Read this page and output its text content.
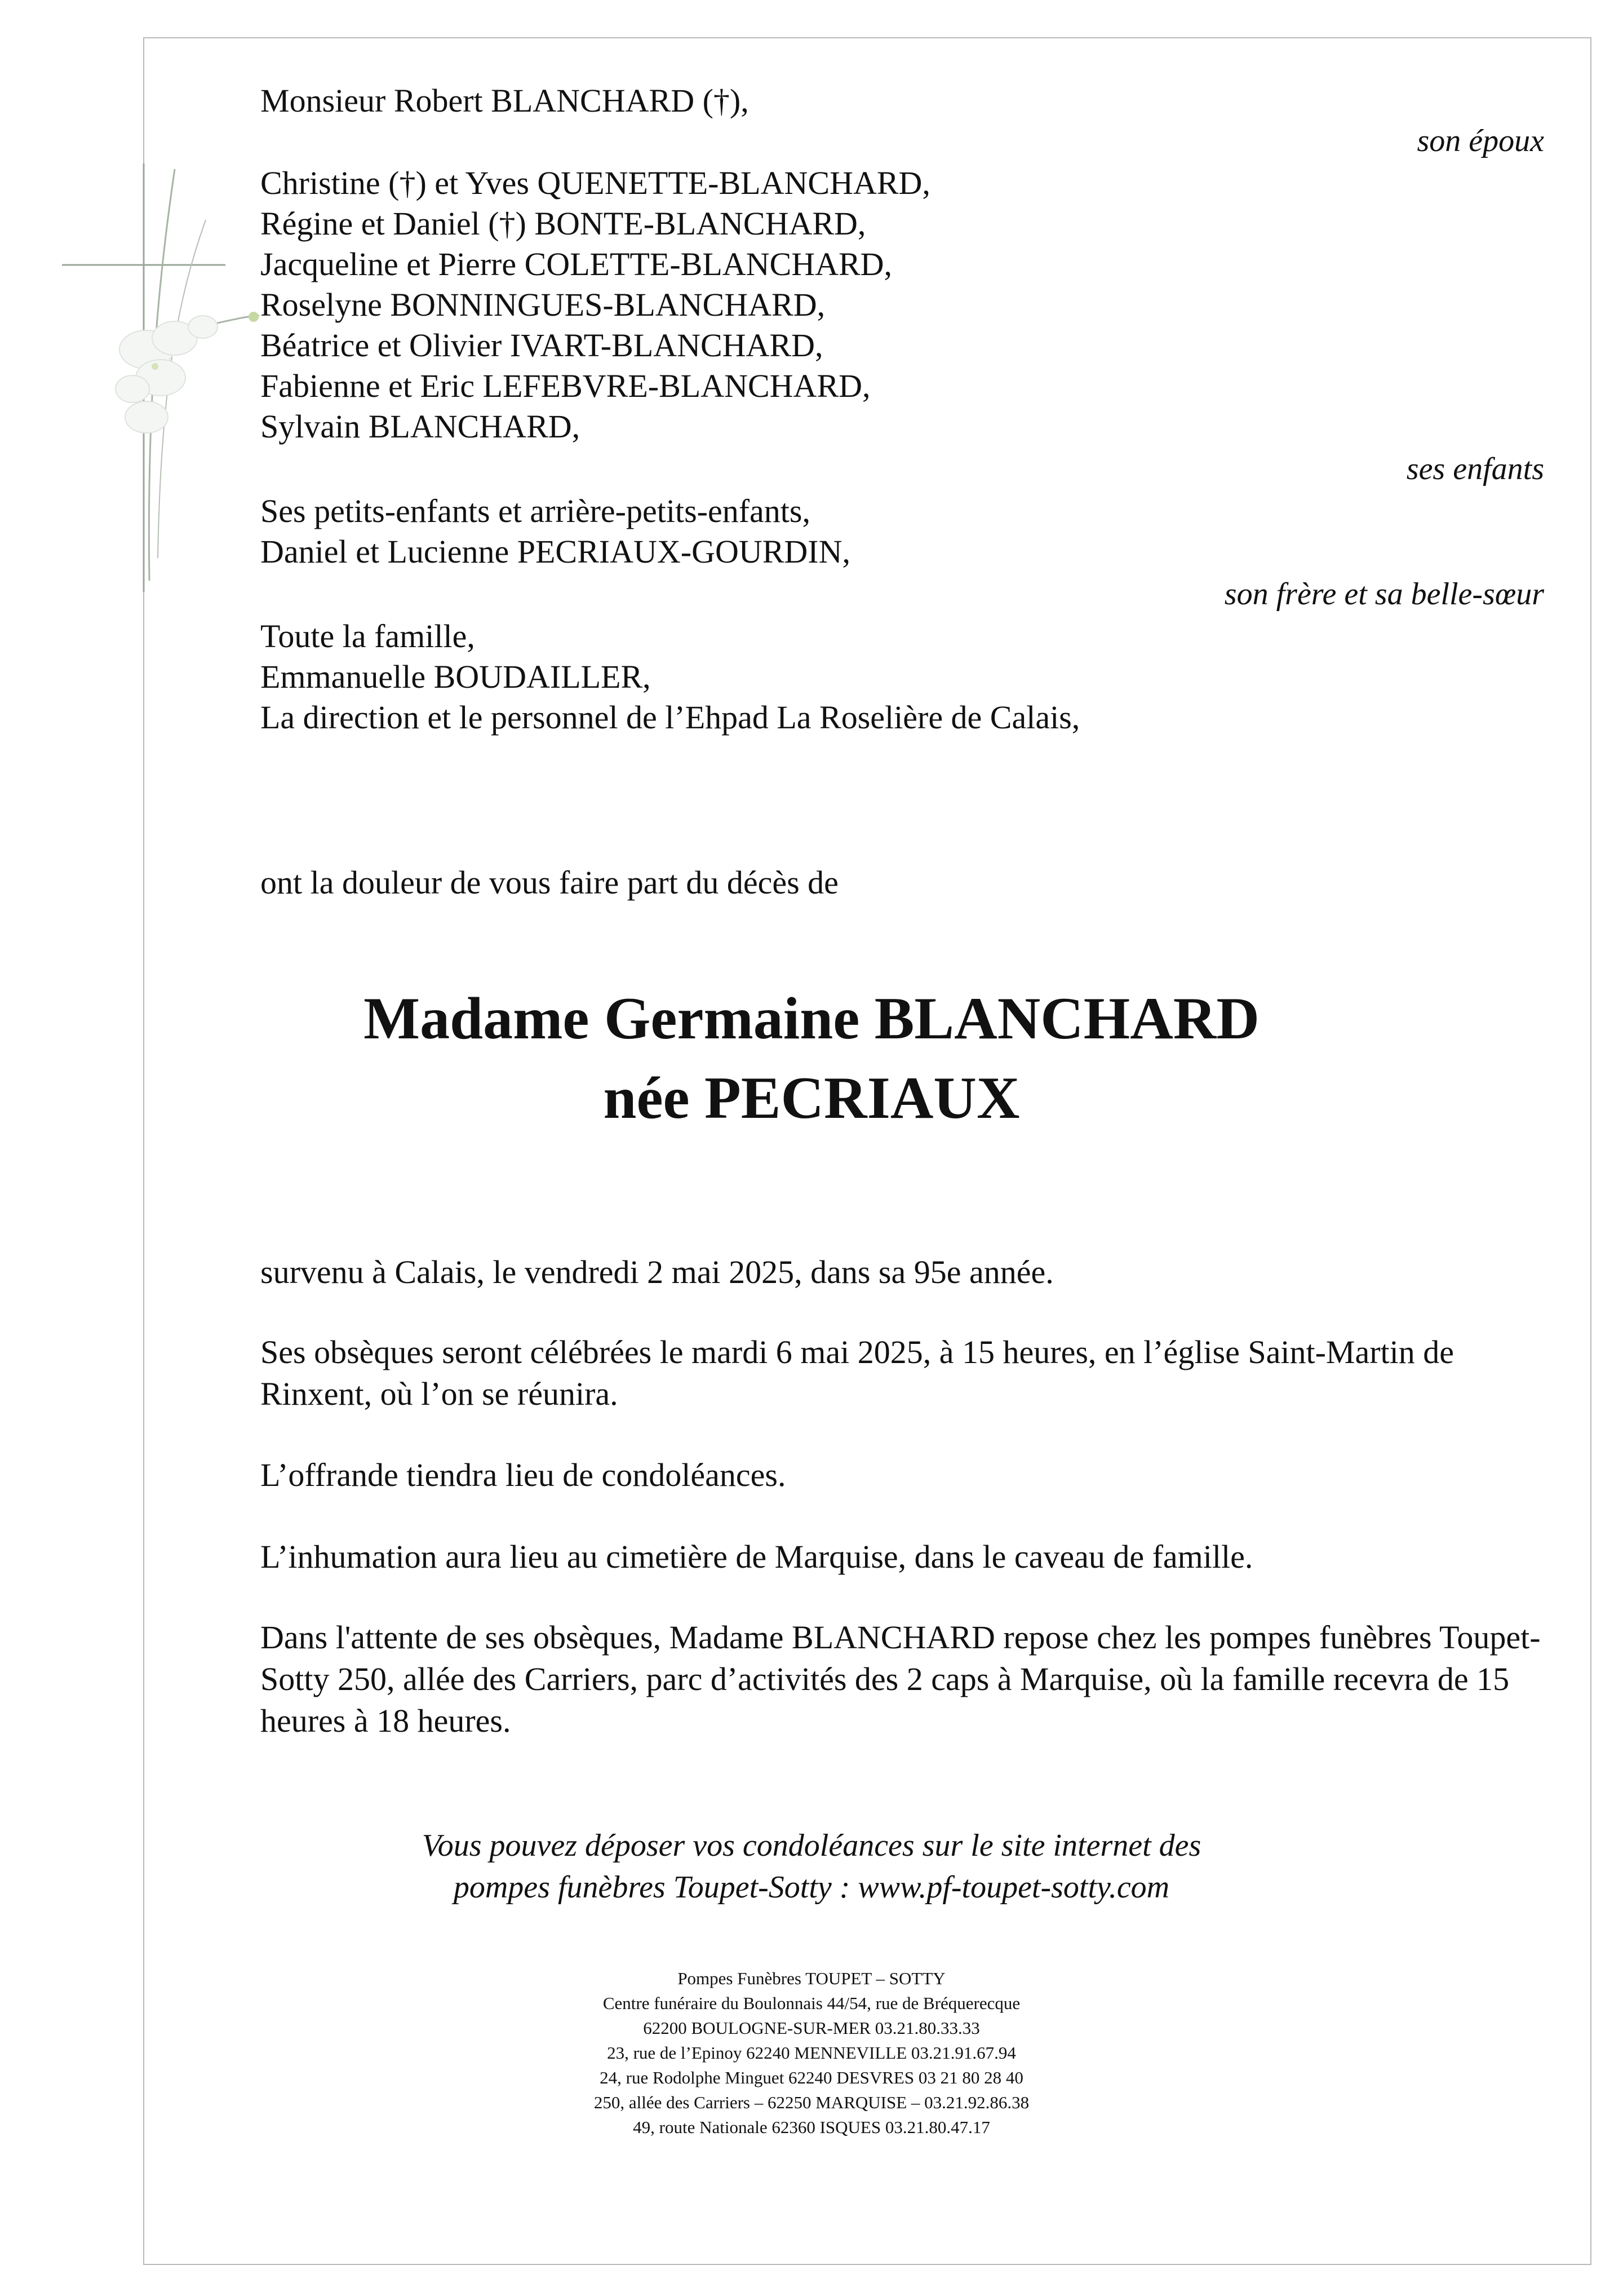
Monsieur Robert BLANCHARD (†),
son époux
Christine (†) et Yves QUENETTE-BLANCHARD,
Régine et Daniel (†) BONTE-BLANCHARD,
Jacqueline et Pierre COLETTE-BLANCHARD,
Roselyne BONNINGUES-BLANCHARD,
Béatrice et Olivier IVART-BLANCHARD,
Fabienne et Eric LEFEBVRE-BLANCHARD,
Sylvain BLANCHARD,
ses enfants
Ses petits-enfants et arrière-petits-enfants,
Daniel et Lucienne PECRIAUX-GOURDIN,
son frère et sa belle-sœur
Toute la famille,
Emmanuelle BOUDAILLER,
La direction et le personnel de l’Ehpad La Roselière de Calais,
ont la douleur de vous faire part du décès de
Madame Germaine BLANCHARD
née PECRIAUX
survenu à Calais, le vendredi 2 mai 2025, dans sa 95e année.
Ses obsèques seront célébrées le mardi 6 mai 2025, à 15 heures, en l’église Saint-Martin de Rinxent, où l’on se réunira.
L’offrande tiendra lieu de condoléances.
L’inhumation aura lieu au cimetière de Marquise, dans le caveau de famille.
Dans l'attente de ses obsèques, Madame BLANCHARD repose chez les pompes funèbres Toupet-Sotty 250, allée des Carriers, parc d’activités des 2 caps à Marquise, où la famille recevra de 15 heures à 18 heures.
Vous pouvez déposer vos condoléances sur le site internet des
pompes funèbres Toupet-Sotty : www.pf-toupet-sotty.com
Pompes Funèbres TOUPET – SOTTY
Centre funéraire du Boulonnais 44/54, rue de Bréquerecque
62200 BOULOGNE-SUR-MER 03.21.80.33.33
23, rue de l’Epinoy 62240 MENNEVILLE 03.21.91.67.94
24, rue Rodolphe Minguet 62240 DESVRES 03 21 80 28 40
250, allée des Carriers – 62250 MARQUISE – 03.21.92.86.38
49, route Nationale 62360 ISQUES 03.21.80.47.17
